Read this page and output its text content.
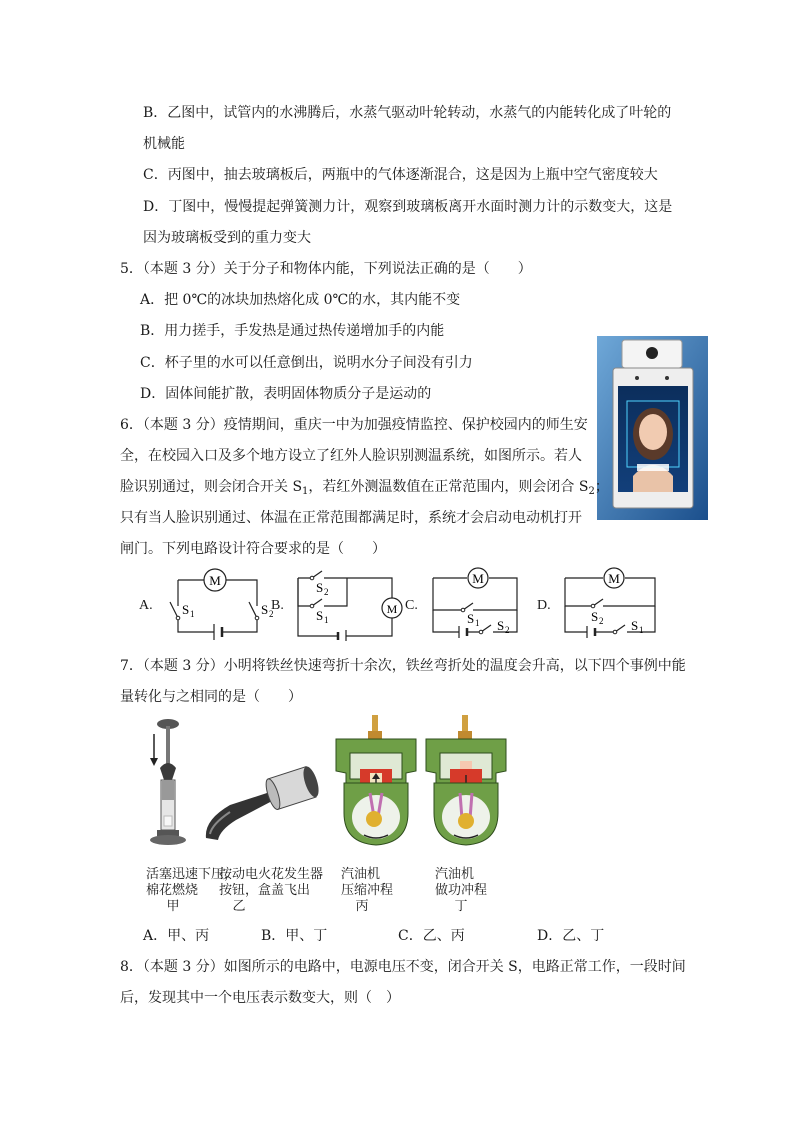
B．乙图中，试管内的水沸腾后，水蒸气驱动叶轮转动，水蒸气的内能转化成了叶轮的
机械能
C．丙图中，抽去玻璃板后，两瓶中的气体逐渐混合，这是因为上瓶中空气密度较大
D．丁图中，慢慢提起弹簧测力计，观察到玻璃板离开水面时测力计的示数变大，这是
因为玻璃板受到的重力变大
5．（本题 3 分）关于分子和物体内能，下列说法正确的是（　　）
A．把 0℃的冰块加热熔化成 0℃的水，其内能不变
B．用力搓手，手发热是通过热传递增加手的内能
C．杯子里的水可以任意倒出，说明水分子间没有引力
D．固体间能扩散，表明固体物质分子是运动的
6．（本题 3 分）疫情期间，重庆一中为加强疫情监控、保护校园内的师生安
全，在校园入口及多个地方设立了红外人脸识别测温系统，如图所示。若人
脸识别通过，则会闭合开关 $S_1$，若红外测温数值在正常范围内，则会闭合 $S_2$；
只有当人脸识别通过、体温在正常范围都满足时，系统才会启动电动机打开
闸门。下列电路设计符合要求的是（　　）
A.	B.	C.	D.
M
S 1	S 2	M
S 2
S 1
M
S 1 S 2
M
S 2 S 1
7．（本题 3 分）小明将铁丝快速弯折十余次，铁丝弯折处的温度会升高，以下四个事例中能
量转化与之相同的是（　　）
活塞迅速下压，
棉花燃烧
甲
按动电火花发生器
按钮，盒盖飞出
乙
汽油机
压缩冲程
丙
汽油机
做功冲程
丁
A．甲、丙	B．甲、丁	C．乙、丙	D．乙、丁
8．（本题 3 分）如图所示的电路中，电源电压不变，闭合开关 S，电路正常工作，一段时间
后，发现其中一个电压表示数变大，则（　）
